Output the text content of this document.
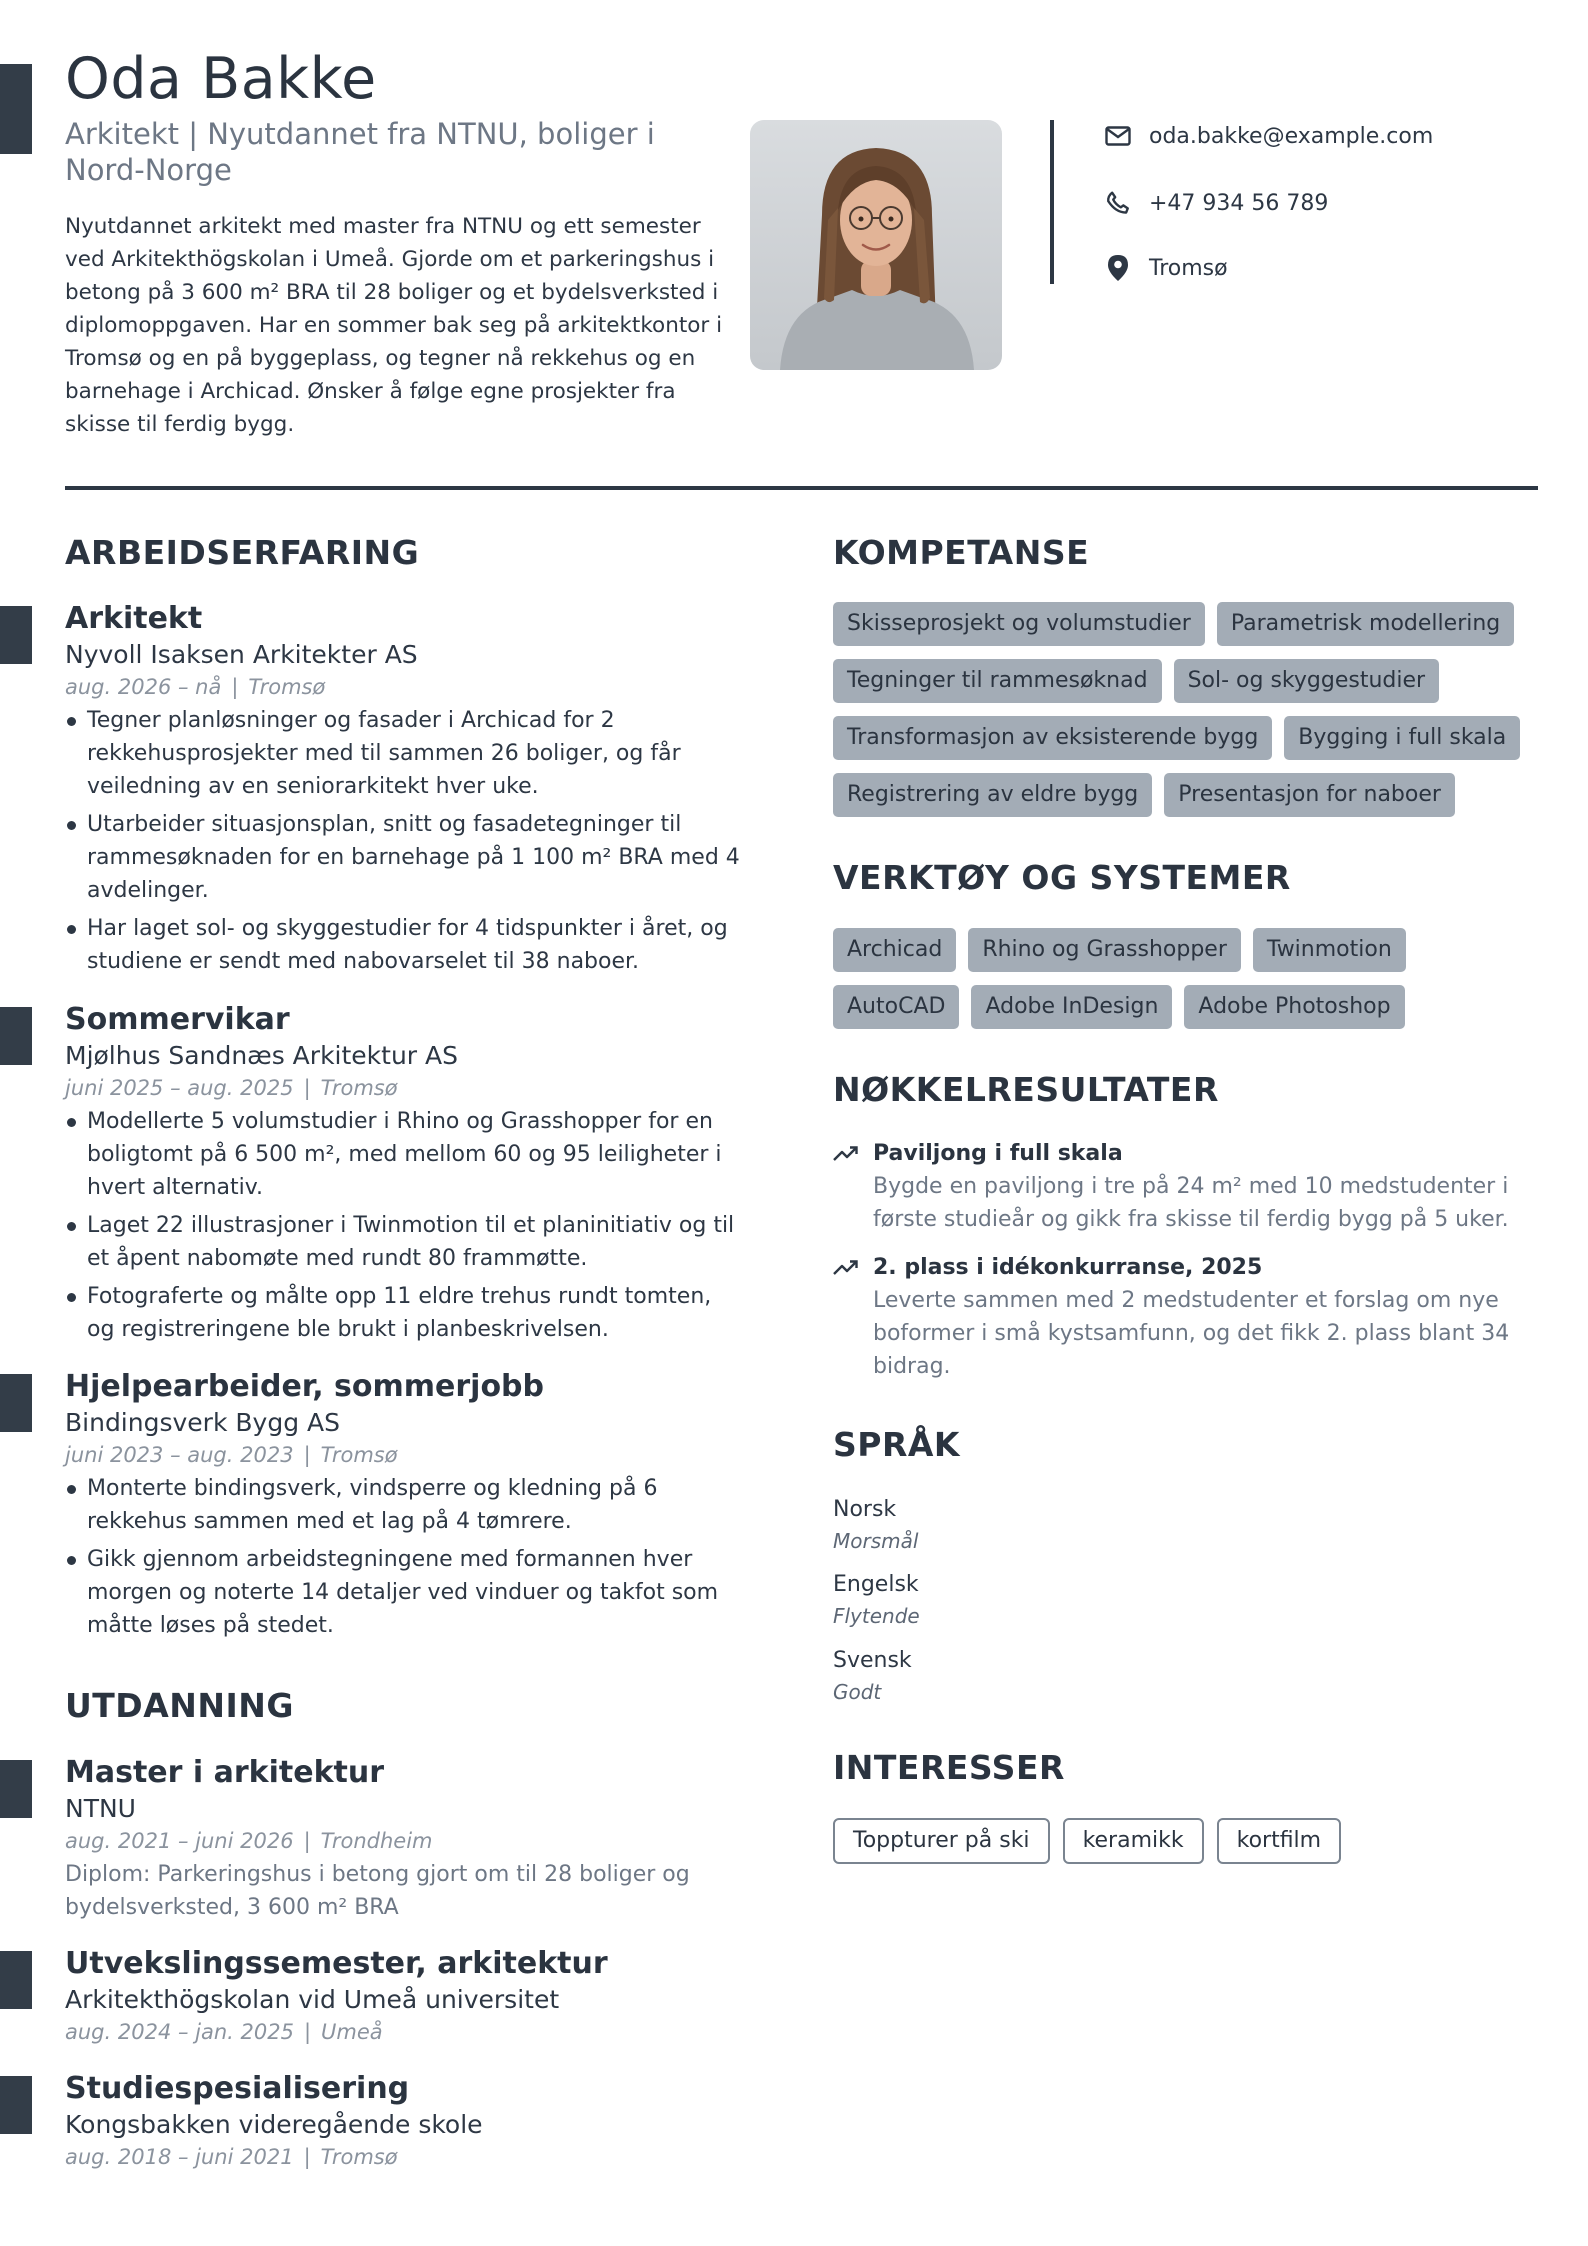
Oda Bakke
Arkitekt | Nyutdannet fra NTNU, boliger i Nord-Norge

Nyutdannet arkitekt med master fra NTNU og ett semester ved Arkitekthögskolan i Umeå. Gjorde om et parkeringshus i betong på 3 600 m² BRA til 28 boliger og et bydelsverksted i diplomoppgaven. Har en sommer bak seg på arkitektkontor i Tromsø og en på byggeplass, og tegner nå rekkehus og en barnehage i Archicad. Ønsker å følge egne prosjekter fra skisse til ferdig bygg.

oda.bakke@example.com
+47 934 56 789
Tromsø
ARBEIDSERFARING
Arkitekt
Nyvoll Isaksen Arkitekter AS
aug. 2026 – nå | Tromsø
Tegner planløsninger og fasader i Archicad for 2 rekkehusprosjekter med til sammen 26 boliger, og får veiledning av en seniorarkitekt hver uke.
Utarbeider situasjonsplan, snitt og fasadetegninger til rammesøknaden for en barnehage på 1 100 m² BRA med 4 avdelinger.
Har laget sol- og skyggestudier for 4 tidspunkter i året, og studiene er sendt med nabovarselet til 38 naboer.
Sommervikar
Mjølhus Sandnæs Arkitektur AS
juni 2025 – aug. 2025 | Tromsø
Modellerte 5 volumstudier i Rhino og Grasshopper for en boligtomt på 6 500 m², med mellom 60 og 95 leiligheter i hvert alternativ.
Laget 22 illustrasjoner i Twinmotion til et planinitiativ og til et åpent nabomøte med rundt 80 frammøtte.
Fotograferte og målte opp 11 eldre trehus rundt tomten, og registreringene ble brukt i planbeskrivelsen.
Hjelpearbeider, sommerjobb
Bindingsverk Bygg AS
juni 2023 – aug. 2023 | Tromsø
Monterte bindingsverk, vindsperre og kledning på 6 rekkehus sammen med et lag på 4 tømrere.
Gikk gjennom arbeidstegningene med formannen hver morgen og noterte 14 detaljer ved vinduer og takfot som måtte løses på stedet.
UTDANNING
Master i arkitektur
NTNU
aug. 2021 – juni 2026 | Trondheim
Diplom: Parkeringshus i betong gjort om til 28 boliger og bydelsverksted, 3 600 m² BRA
Utvekslingssemester, arkitektur
Arkitekthögskolan vid Umeå universitet
aug. 2024 – jan. 2025 | Umeå
Studiespesialisering
Kongsbakken videregående skole
aug. 2018 – juni 2021 | Tromsø
KOMPETANSE
Skisseprosjekt og volumstudier	Parametrisk modellering
Tegninger til rammesøknad	Sol- og skyggestudier
Transformasjon av eksisterende bygg	Bygging i full skala
Registrering av eldre bygg	Presentasjon for naboer
VERKTØY OG SYSTEMER
Archicad	Rhino og Grasshopper	Twinmotion
AutoCAD	Adobe InDesign	Adobe Photoshop
NØKKELRESULTATER
Paviljong i full skala
Bygde en paviljong i tre på 24 m² med 10 medstudenter i første studieår og gikk fra skisse til ferdig bygg på 5 uker.
2. plass i idékonkurranse, 2025
Leverte sammen med 2 medstudenter et forslag om nye boformer i små kystsamfunn, og det fikk 2. plass blant 34 bidrag.
SPRÅK
Norsk
Morsmål
Engelsk
Flytende
Svensk
Godt
INTERESSER
Toppturer på ski	keramikk	kortfilm
